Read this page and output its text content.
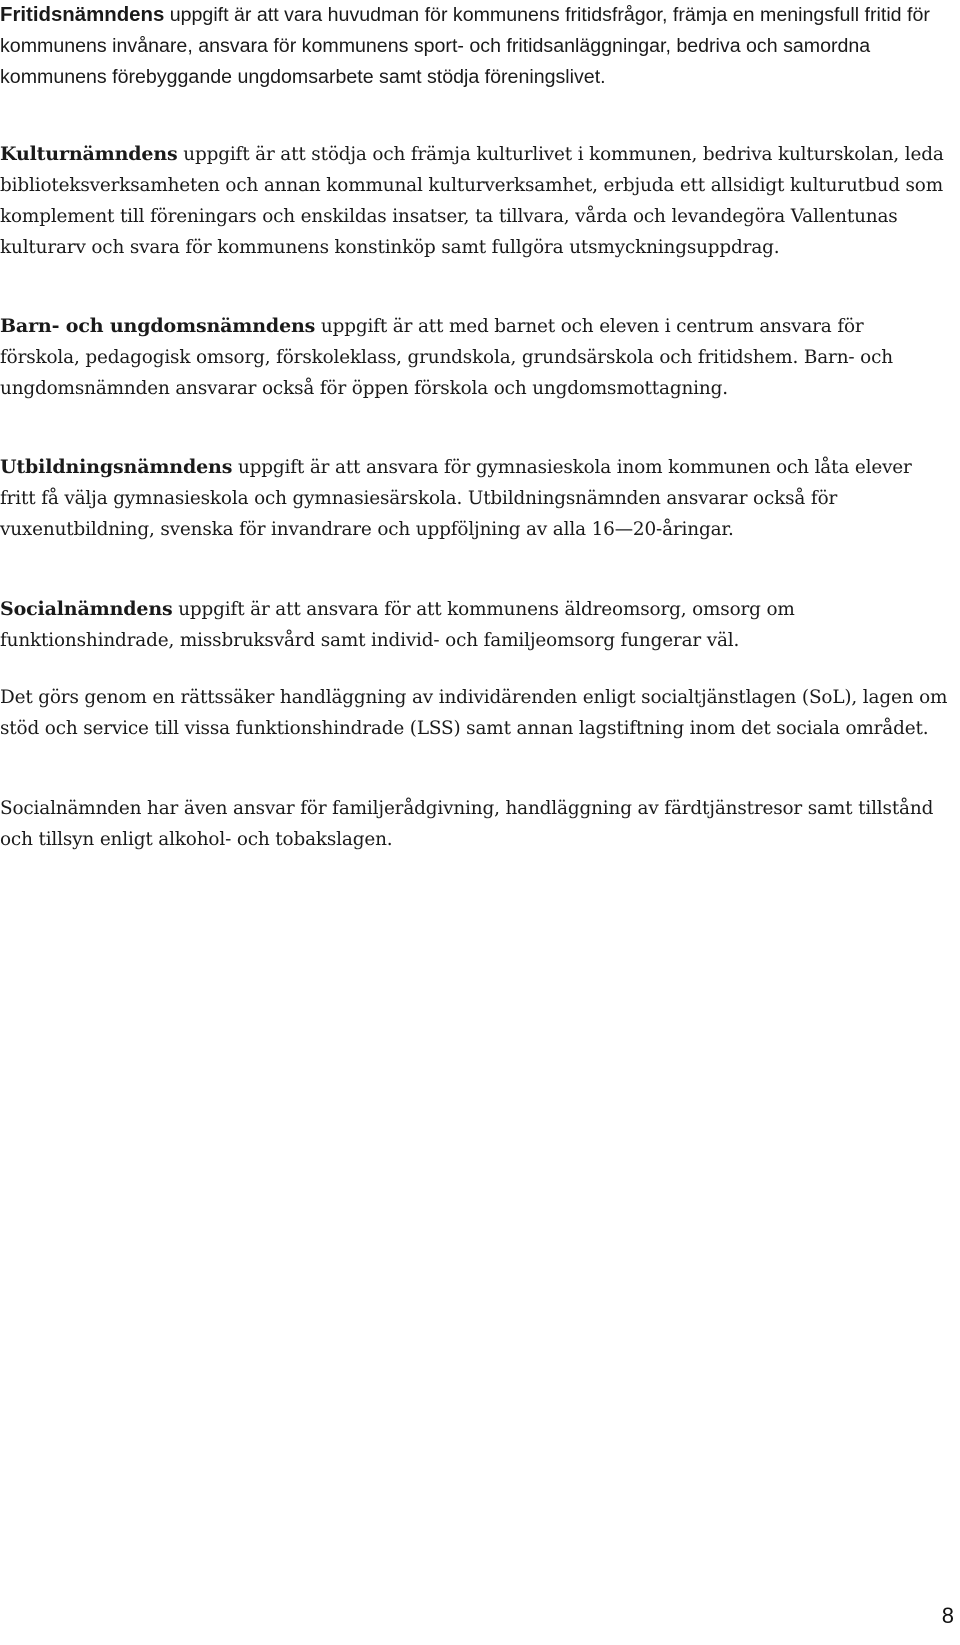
Fritidsnämndens uppgift är att vara huvudman för kommunens fritidsfrågor, främja en meningsfull fritid för kommunens invånare, ansvara för kommunens sport- och fritidsanläggningar, bedriva och samordna kommunens förebyggande ungdomsarbete samt stödja föreningslivet.

Kulturnämndens uppgift är att stödja och främja kulturlivet i kommunen, bedriva kulturskolan, leda biblioteksverksamheten och annan kommunal kulturverksamhet, erbjuda ett allsidigt kulturutbud som komplement till föreningars och enskildas insatser, ta tillvara, vårda och levandegöra Vallentunas kulturarv och svara för kommunens konstinköp samt fullgöra utsmyckningsuppdrag.

Barn- och ungdomsnämndens uppgift är att med barnet och eleven i centrum ansvara för förskola, pedagogisk omsorg, förskoleklass, grundskola, grundsärskola och fritidshem. Barn- och ungdomsnämnden ansvarar också för öppen förskola och ungdomsmottagning.

Utbildningsnämndens uppgift är att ansvara för gymnasieskola inom kommunen och låta elever fritt få välja gymnasieskola och gymnasiesärskola. Utbildningsnämnden ansvarar också för vuxenutbildning, svenska för invandrare och uppföljning av alla 16—20-åringar.

Socialnämndens uppgift är att ansvara för att kommunens äldreomsorg, omsorg om funktionshindrade, missbruksvård samt individ- och familjeomsorg fungerar väl.

Det görs genom en rättssäker handläggning av individärenden enligt socialtjänstlagen (SoL), lagen om stöd och service till vissa funktionshindrade (LSS) samt annan lagstiftning inom det sociala området.

Socialnämnden har även ansvar för familjerådgivning, handläggning av färdtjänstresor samt tillstånd och tillsyn enligt alkohol- och tobakslagen.

8
